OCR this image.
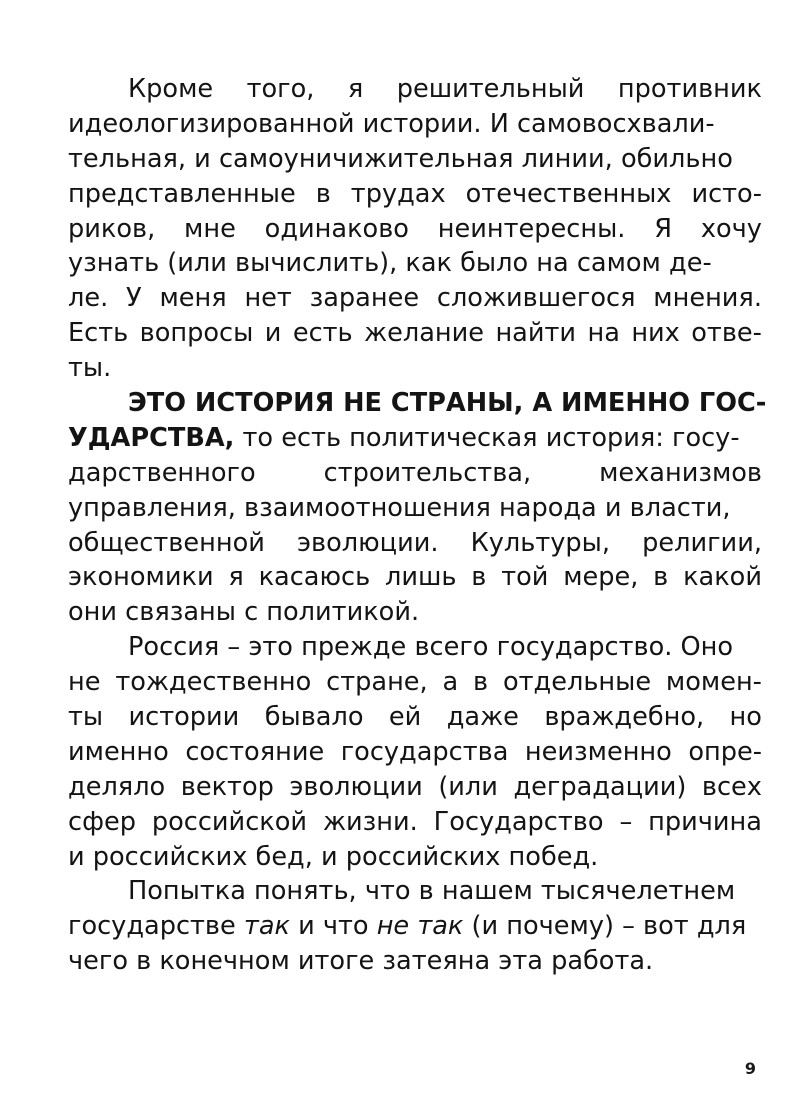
Кроме того, я решительный противник
идеологизированной истории. И самовосхвали-
тельная, и самоуничижительная линии, обильно
представленные в трудах отечественных исто-
риков, мне одинаково неинтересны. Я хочу
узнать (или вычислить), как было на самом де-
ле. У меня нет заранее сложившегося мнения.
Есть вопросы и есть желание найти на них отве-
ты.
ЭТО ИСТОРИЯ НЕ СТРАНЫ, А ИМЕННО ГОС-
УДАРСТВА, то есть политическая история: госу-
дарственного	строительства,	механизмов
управления, взаимоотношения народа и власти,
общественной эволюции. Культуры, религии,
экономики я касаюсь лишь в той мере, в какой
они связаны с политикой.
Россия – это прежде всего государство. Оно
не тождественно стране, а в отдельные момен-
ты истории бывало ей даже враждебно, но
именно состояние государства неизменно опре-
деляло вектор эволюции (или деградации) всех
сфер российской жизни. Государство – причина
и российских бед, и российских побед.
Попытка понять, что в нашем тысячелетнем
государстве так и что не так (и почему) – вот для
чего в конечном итоге затеяна эта работа.
9
